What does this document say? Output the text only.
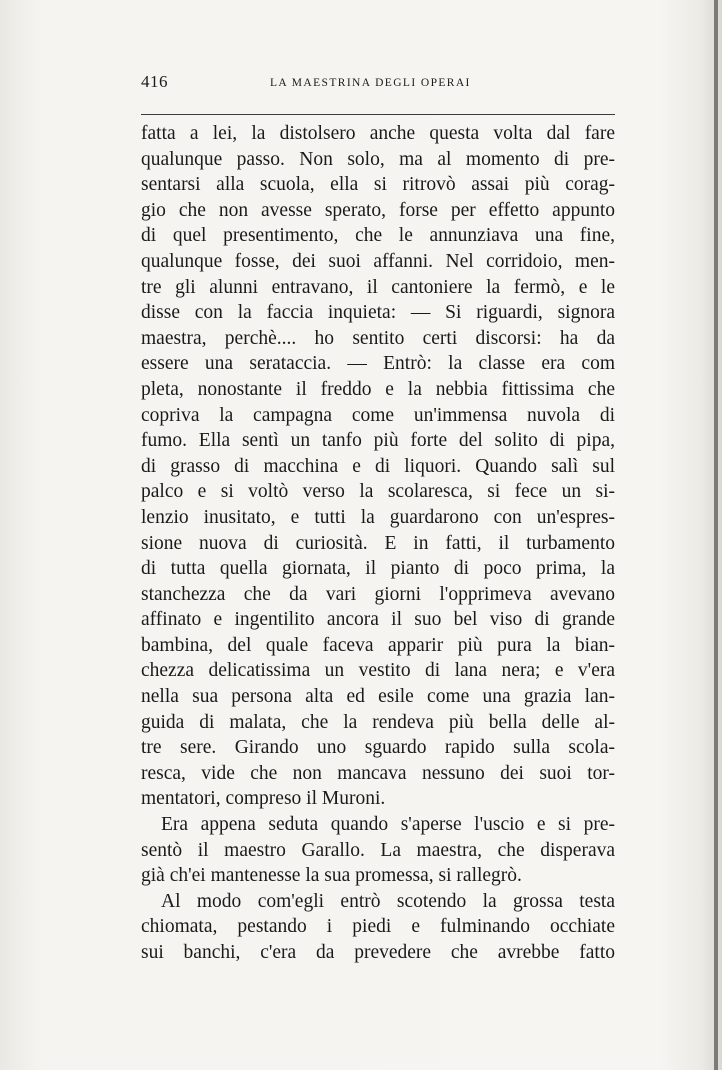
416	LA MAESTRINA DEGLI OPERAI
fatta a lei, la distolsero anche questa volta dal fare
qualunque passo. Non solo, ma al momento di pre-
sentarsi alla scuola, ella si ritrovò assai più corag-
gio che non avesse sperato, forse per effetto appunto
di quel presentimento, che le annunziava una fine,
qualunque fosse, dei suoi affanni. Nel corridoio, men-
tre gli alunni entravano, il cantoniere la fermò, e le
disse con la faccia inquieta: — Si riguardi, signora
maestra, perchè.... ho sentito certi discorsi: ha da
essere una serataccia. — Entrò: la classe era com
pleta, nonostante il freddo e la nebbia fittissima che
copriva la campagna come un'immensa nuvola di
fumo. Ella sentì un tanfo più forte del solito di pipa,
di grasso di macchina e di liquori. Quando salì sul
palco e si voltò verso la scolaresca, si fece un si-
lenzio inusitato, e tutti la guardarono con un'espres-
sione nuova di curiosità. E in fatti, il turbamento
di tutta quella giornata, il pianto di poco prima, la
stanchezza che da vari giorni l'opprimeva avevano
affinato e ingentilito ancora il suo bel viso di grande
bambina, del quale faceva apparir più pura la bian-
chezza delicatissima un vestito di lana nera; e v'era
nella sua persona alta ed esile come una grazia lan-
guida di malata, che la rendeva più bella delle al-
tre sere. Girando uno sguardo rapido sulla scola-
resca, vide che non mancava nessuno dei suoi tor-
mentatori, compreso il Muroni.
Era appena seduta quando s'aperse l'uscio e si pre-
sentò il maestro Garallo. La maestra, che disperava
già ch'ei mantenesse la sua promessa, si rallegrò.
Al modo com'egli entrò scotendo la grossa testa
chiomata, pestando i piedi e fulminando occhiate
sui banchi, c'era da prevedere che avrebbe fatto
